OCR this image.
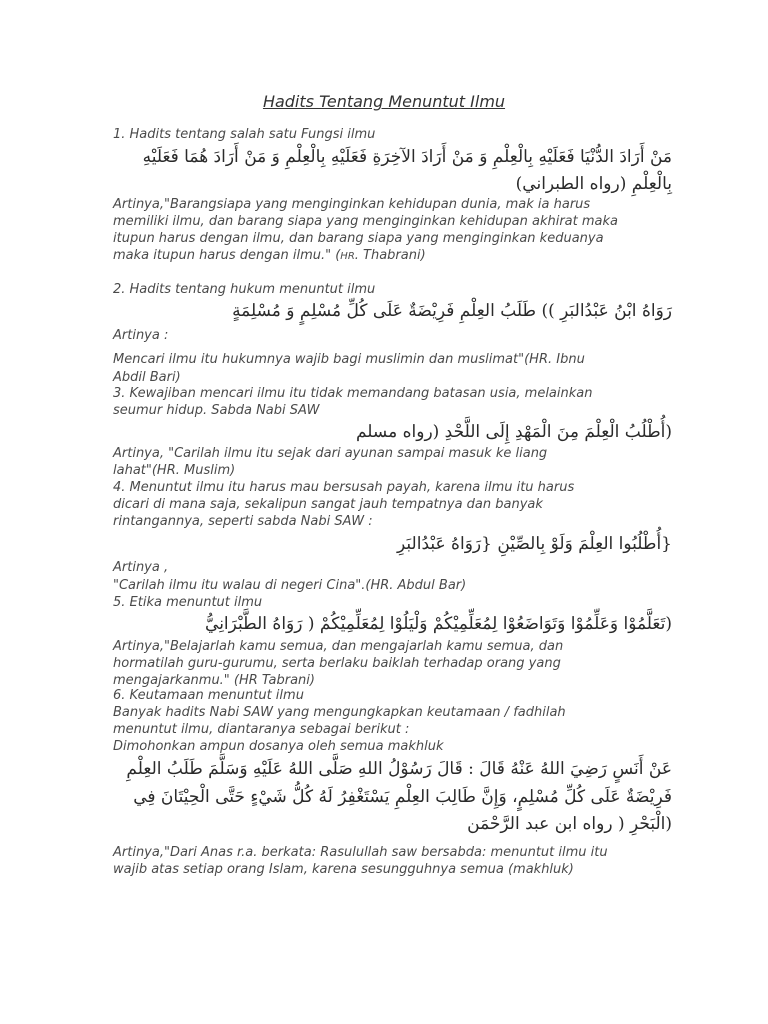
Hadits Tentang Menuntut Ilmu
1. Hadits tentang salah satu Fungsi ilmu
مَنْ أَرَادَ الدُّنْيَا فَعَلَيْهِ بِالْعِلْمِ وَ مَنْ أَرَادَ الآخِرَةِ فَعَلَيْهِ بِالْعِلْمِ وَ مَنْ أَرَادَ هُمَا فَعَلَيْهِ
بِالْعِلْمِ (رواه الطبراني)
Artinya,"Barangsiapa yang menginginkan kehidupan dunia, mak ia harus
memiliki ilmu, dan barang siapa yang menginginkan kehidupan akhirat maka
itupun harus dengan ilmu, dan barang siapa yang menginginkan keduanya
maka itupun harus dengan ilmu." (HR. Thabrani)
2. Hadits tentang hukum menuntut ilmu
رَوَاهُ ابْنُ عَبْدُالبَرِ )) طَلَبُ العِلْمِ فَرِيْضَةٌ عَلَى كُلِّ مُسْلِمٍ وَ مُسْلِمَةٍ
Artinya :
Mencari ilmu itu hukumnya wajib bagi muslimin dan muslimat"(HR. Ibnu
Abdil Bari)
3. Kewajiban mencari ilmu itu tidak memandang batasan usia, melainkan
seumur hidup. Sabda Nabi SAW
(أُطْلُبُ الْعِلْمَ مِنَ الْمَهْدِ إِلَى اللَّحْدِ (رواه مسلم
Artinya, "Carilah ilmu itu sejak dari ayunan sampai masuk ke liang
lahat"(HR. Muslim)
4. Menuntut ilmu itu harus mau bersusah payah, karena ilmu itu harus
dicari di mana saja, sekalipun sangat jauh tempatnya dan banyak
rintangannya, seperti sabda Nabi SAW :
{أُطْلُبُوا العِلْمَ وَلَوْ بِالصِّيْنِ {رَوَاهُ عَبْدُالبَرِ
Artinya ,
"Carilah ilmu itu walau di negeri Cina".(HR. Abdul Bar)
5. Etika menuntut ilmu
(تَعَلَّمُوْا وَعَلِّمُوْا وَتَوَاضَعُوْا لِمُعَلِّمِيْكُمْ وَلْيَلُوْا لِمُعَلِّمِيْكُمْ ( رَوَاهُ الطَّبْرَانِيُّ
Artinya,"Belajarlah kamu semua, dan mengajarlah kamu semua, dan
hormatilah guru-gurumu, serta berlaku baiklah terhadap orang yang
mengajarkanmu." (HR Tabrani)
6. Keutamaan menuntut ilmu
Banyak hadits Nabi SAW yang mengungkapkan keutamaan / fadhilah
menuntut ilmu, diantaranya sebagai berikut :
Dimohonkan ampun dosanya oleh semua makhluk
عَنْ أَنَسٍ رَضِيَ اللهُ عَنْهُ قَالَ : قَالَ رَسُوْلُ اللهِ صَلَّى اللهُ عَلَيْهِ وَسَلَّمَ طَلَبُ العِلْمِ
فَرِيْضَةٌ عَلَى كُلِّ مُسْلِمٍ، وَإِنَّ طَالِبَ العِلْمِ يَسْتَغْفِرُ لَهُ كُلُّ شَيْءٍ حَتَّى الْحِيْتَانَ فِي
(الْبَحْرِ ( رواه ابن عبد الرَّحْمَن
Artinya,"Dari Anas r.a. berkata: Rasulullah saw bersabda: menuntut ilmu itu
wajib atas setiap orang Islam, karena sesungguhnya semua (makhluk)
